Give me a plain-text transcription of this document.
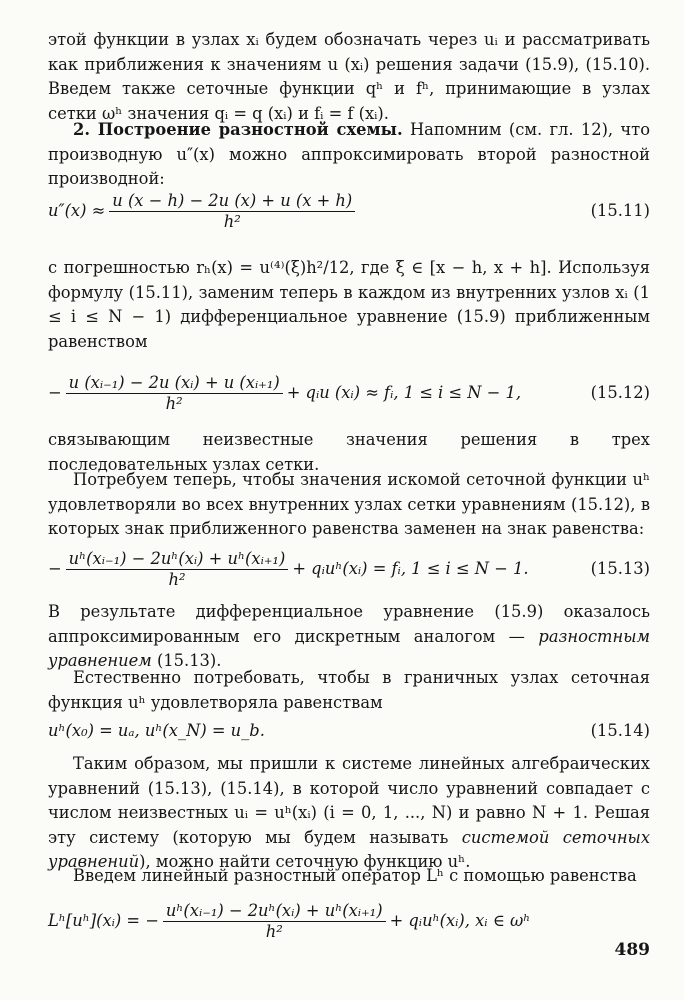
этой функции в узлах xᵢ будем обозначать через uᵢ и рассматривать как приближения к значениям u (xᵢ) решения задачи (15.9), (15.10). Введем также сеточные функции qʰ и fʰ, принимающие в узлах сетки ωʰ значения qᵢ = q (xᵢ) и fᵢ = f (xᵢ).

2. Построение разностной схемы. Напомним (см. гл. 12), что производную u″(x) можно аппроксимировать второй разностной производной:

$u''(x) \approx \frac{u (x - h) - 2u (x) + u (x + h)}{\text{h²}}$	(15.11)

с погрешностью rₕ(x) = u⁽⁴⁾(ξ)h²/12, где ξ ∈ [x − h, x + h]. Используя формулу (15.11), заменим теперь в каждом из внутренних узлов xᵢ (1 ≤ i ≤ N − 1) дифференциальное уравнение (15.9) приближенным равенством

− $\frac{\text{u (xᵢ₋₁) − 2u (xᵢ) + u (xᵢ₊₁)}}{\text{h²}}$ + qᵢu (xᵢ) ≈ fᵢ, 1 ≤ i ≤ N − 1,	(15.12)

связывающим неизвестные значения решения в трех последовательных узлах сетки.

Потребуем теперь, чтобы значения искомой сеточной функции uʰ удовлетворяли во всех внутренних узлах сетки уравнениям (15.12), в которых знак приближенного равенства заменен на знак равенства:

− $\frac{\text{uʰ(xᵢ₋₁) − 2uʰ(xᵢ) + uʰ(xᵢ₊₁)}}{\text{h²}}$ + qᵢuʰ(xᵢ) = fᵢ, 1 ≤ i ≤ N − 1.	(15.13)

В результате дифференциальное уравнение (15.9) оказалось аппроксимированным его дискретным аналогом — разностным уравнением (15.13).

Естественно потребовать, чтобы в граничных узлах сеточная функция uʰ удовлетворяла равенствам

uʰ(x₀) = uₐ, uʰ(x_N) = u_b.	(15.14)

Таким образом, мы пришли к системе линейных алгебраических уравнений (15.13), (15.14), в которой число уравнений совпадает с числом неизвестных uᵢ = uʰ(xᵢ) (i = 0, 1, ..., N) и равно N + 1. Решая эту систему (которую мы будем называть системой сеточных уравнений), можно найти сеточную функцию uʰ.

Введем линейный разностный оператор Lʰ с помощью равенства

Lʰ[uʰ](xᵢ) = − $\frac{\text{uʰ(xᵢ₋₁) − 2uʰ(xᵢ) + uʰ(xᵢ₊₁)}}{\text{h²}}$ + qᵢuʰ(xᵢ), xᵢ ∈ ωʰ
489
